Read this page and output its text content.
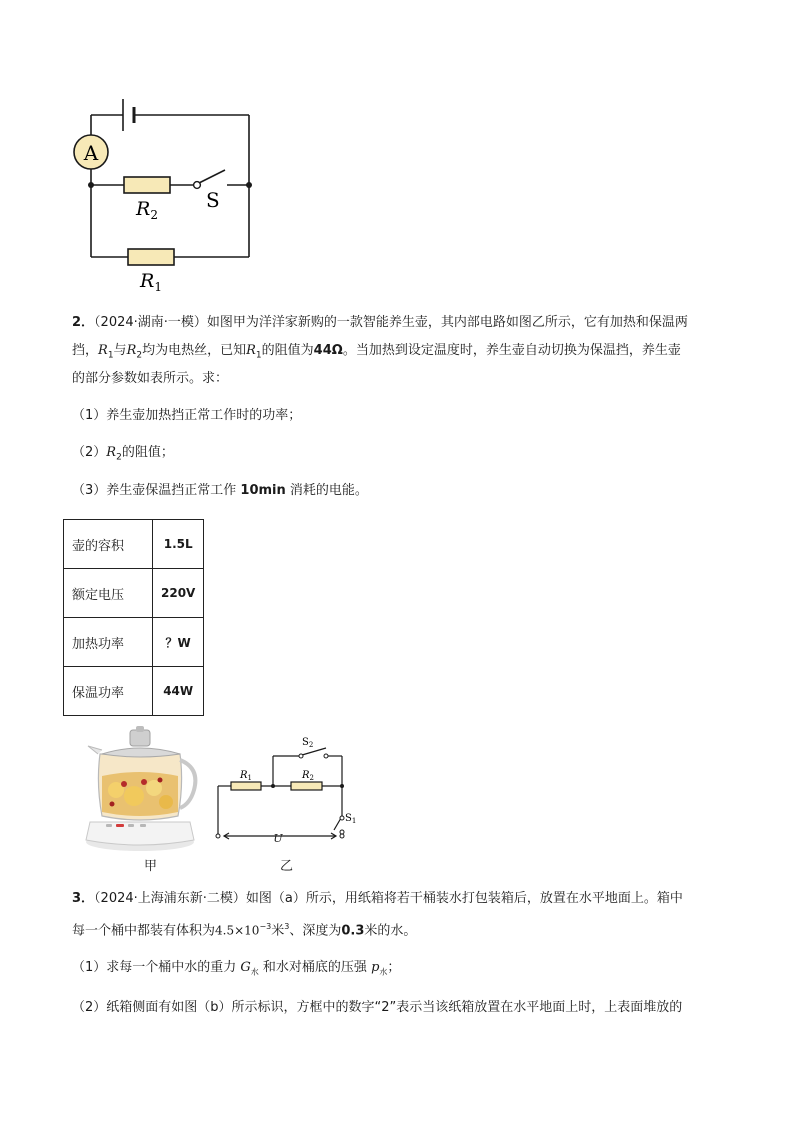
A
$R_2$
S
$R_1$
2．（2024·湖南·一模）如图甲为洋洋家新购的一款智能养生壶，其内部电路如图乙所示，它有加热和保温两
挡，$R_1$与$R_2$均为电热丝，已知$R_1$的阻值为44Ω。当加热到设定温度时，养生壶自动切换为保温挡，养生壶
的部分参数如表所示。求：
（1）养生壶加热挡正常工作时的功率；
$(2)R_2$的阻值；
（3）养生壶保温挡正常工作 10min 消耗的电能。
壶的容积	1.5L
额定电压	220V
加热功率	？W
保温功率	44W
甲
$S_2$
$R_1$	$R_2$
$S_1$
U
乙
3．（2024·上海浦东新·二模）如图（a）所示，用纸箱将若干桶装水打包装箱后，放置在水平地面上。箱中
每一个桶中都装有体积为$4.5\times 10^{-3}$米$^3$、深度为0.3米的水。
（1）求每一个桶中水的重力 $G_水$ 和水对桶底的压强 $p_水$；
（2）纸箱侧面有如图（b）所示标识，方框中的数字“2”表示当该纸箱放置在水平地面上时，上表面堆放的
